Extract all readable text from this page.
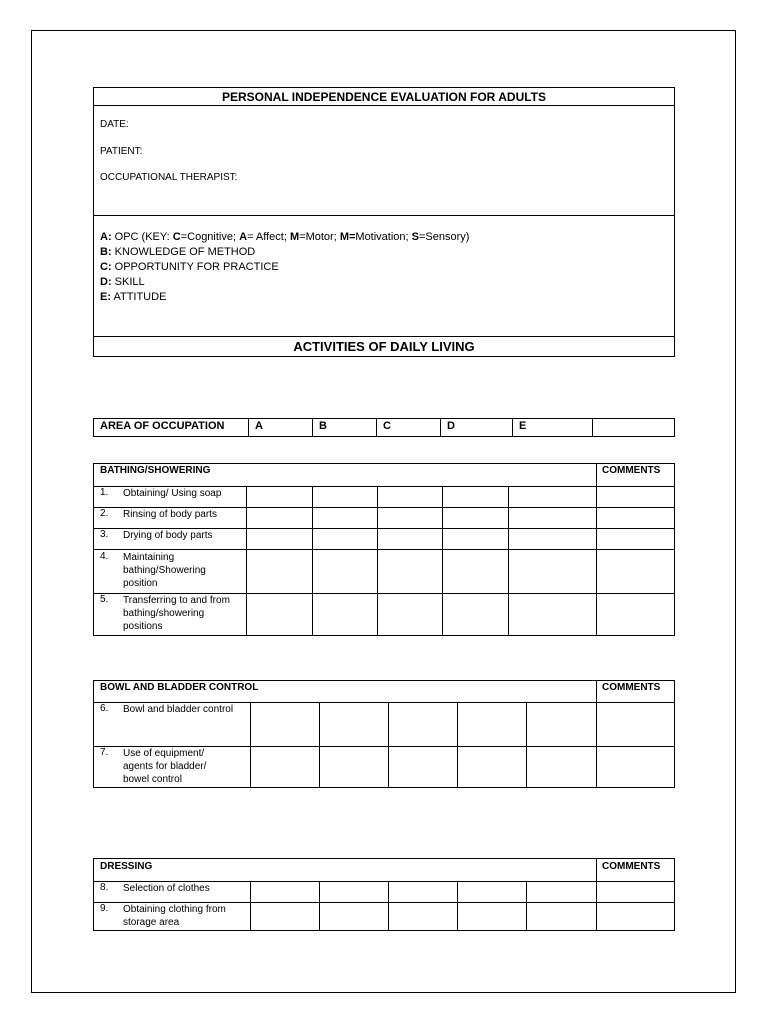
PERSONAL INDEPENDENCE EVALUATION FOR ADULTS
DATE:
PATIENT:
OCCUPATIONAL THERAPIST:
A: OPC (KEY: C=Cognitive; A= Affect; M=Motor; M=Motivation; S=Sensory)
B: KNOWLEDGE OF METHOD
C: OPPORTUNITY FOR PRACTICE
D: SKILL
E: ATTITUDE
ACTIVITIES OF DAILY LIVING
AREA OF OCCUPATION	A	B	C	D	E
BATHING/SHOWERING	COMMENTS
1. Obtaining/ Using soap
2. Rinsing of body parts
3. Drying of body parts
4. Maintaining
bathing/Showering
position
5. Transferring to and from
bathing/showering
positions
BOWL AND BLADDER CONTROL	COMMENTS
6. Bowl and bladder control
7. Use of equipment/
agents for bladder/
bowel control
DRESSING	COMMENTS
8. Selection of clothes
9. Obtaining clothing from
storage area
